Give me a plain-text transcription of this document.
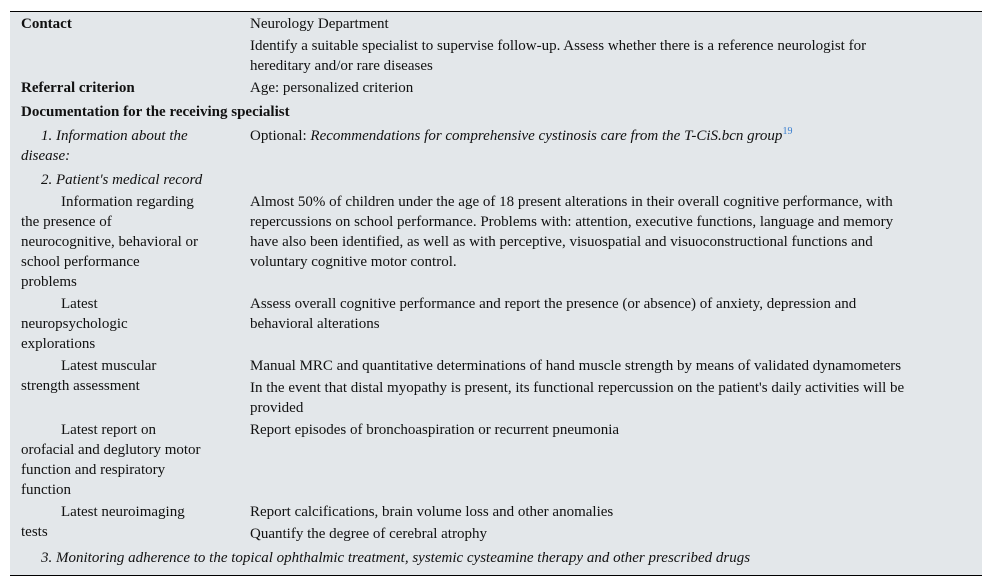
Contact	Neurology Department
Identify a suitable specialist to supervise follow-up. Assess whether there is a reference neurologist for
hereditary and/or rare diseases
Referral criterion	Age: personalized criterion
Documentation for the receiving specialist
1. Information about the
disease:
Optional: Recommendations for comprehensive cystinosis care from the T-CiS.bcn group$^{19}$
2. Patient's medical record
Information regarding
the presence of
neurocognitive, behavioral or
school performance
problems
Almost 50% of children under the age of 18 present alterations in their overall cognitive performance, with
repercussions on school performance. Problems with: attention, executive functions, language and memory
have also been identified, as well as with perceptive, visuospatial and visuoconstructional functions and
voluntary cognitive motor control.
Latest
neuropsychologic
explorations
Assess overall cognitive performance and report the presence (or absence) of anxiety, depression and
behavioral alterations
Latest muscular
strength assessment
Manual MRC and quantitative determinations of hand muscle strength by means of validated dynamometers
In the event that distal myopathy is present, its functional repercussion on the patient's daily activities will be
provided
Latest report on
orofacial and deglutory motor
function and respiratory
function
Report episodes of bronchoaspiration or recurrent pneumonia
Latest neuroimaging
tests
Report calcifications, brain volume loss and other anomalies
Quantify the degree of cerebral atrophy
3. Monitoring adherence to the topical ophthalmic treatment, systemic cysteamine therapy and other prescribed drugs
